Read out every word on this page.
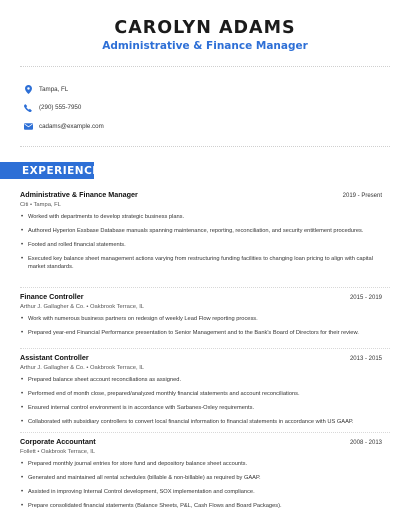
CAROLYN ADAMS
Administrative & Finance Manager
Tampa, FL
(290) 555-7950
cadams@example.com
EXPERIENCE
Administrative & Finance Manager	2019 - Present
Citi • Tampa, FL
• Worked with departments to develop strategic business plans.
• Authored Hyperion Essbase Database manuals spanning maintenance, reporting, reconciliation, and security entitlement procedures.
• Footed and rolled financial statements.
• Executed key balance sheet management actions varying from restructuring funding facilities to changing loan pricing to align with capital market standards.
Finance Controller	2015 - 2019
Arthur J. Gallagher & Co. • Oakbrook Terrace, IL
• Work with numerous business partners on redesign of weekly Lead Flow reporting process.
• Prepared year-end Financial Performance presentation to Senior Management and to the Bank's Board of Directors for their review.
Assistant Controller	2013 - 2015
Arthur J. Gallagher & Co. • Oakbrook Terrace, IL
• Prepared balance sheet account reconciliations as assigned.
• Performed end of month close, prepared/analyzed monthly financial statements and account reconciliations.
• Ensured internal control environment is in accordance with Sarbanes-Oxley requirements.
• Collaborated with subsidiary controllers to convert local financial information to financial statements in accordance with US GAAP.
Corporate Accountant	2008 - 2013
Follett • Oakbrook Terrace, IL
• Prepared monthly journal entries for store fund and depository balance sheet accounts.
• Generated and maintained all rental schedules (billable & non-billable) as required by GAAP.
• Assisted in improving Internal Control development, SOX implementation and compliance.
• Prepare consolidated financial statements (Balance Sheets, P&L, Cash Flows and Board Packages).
